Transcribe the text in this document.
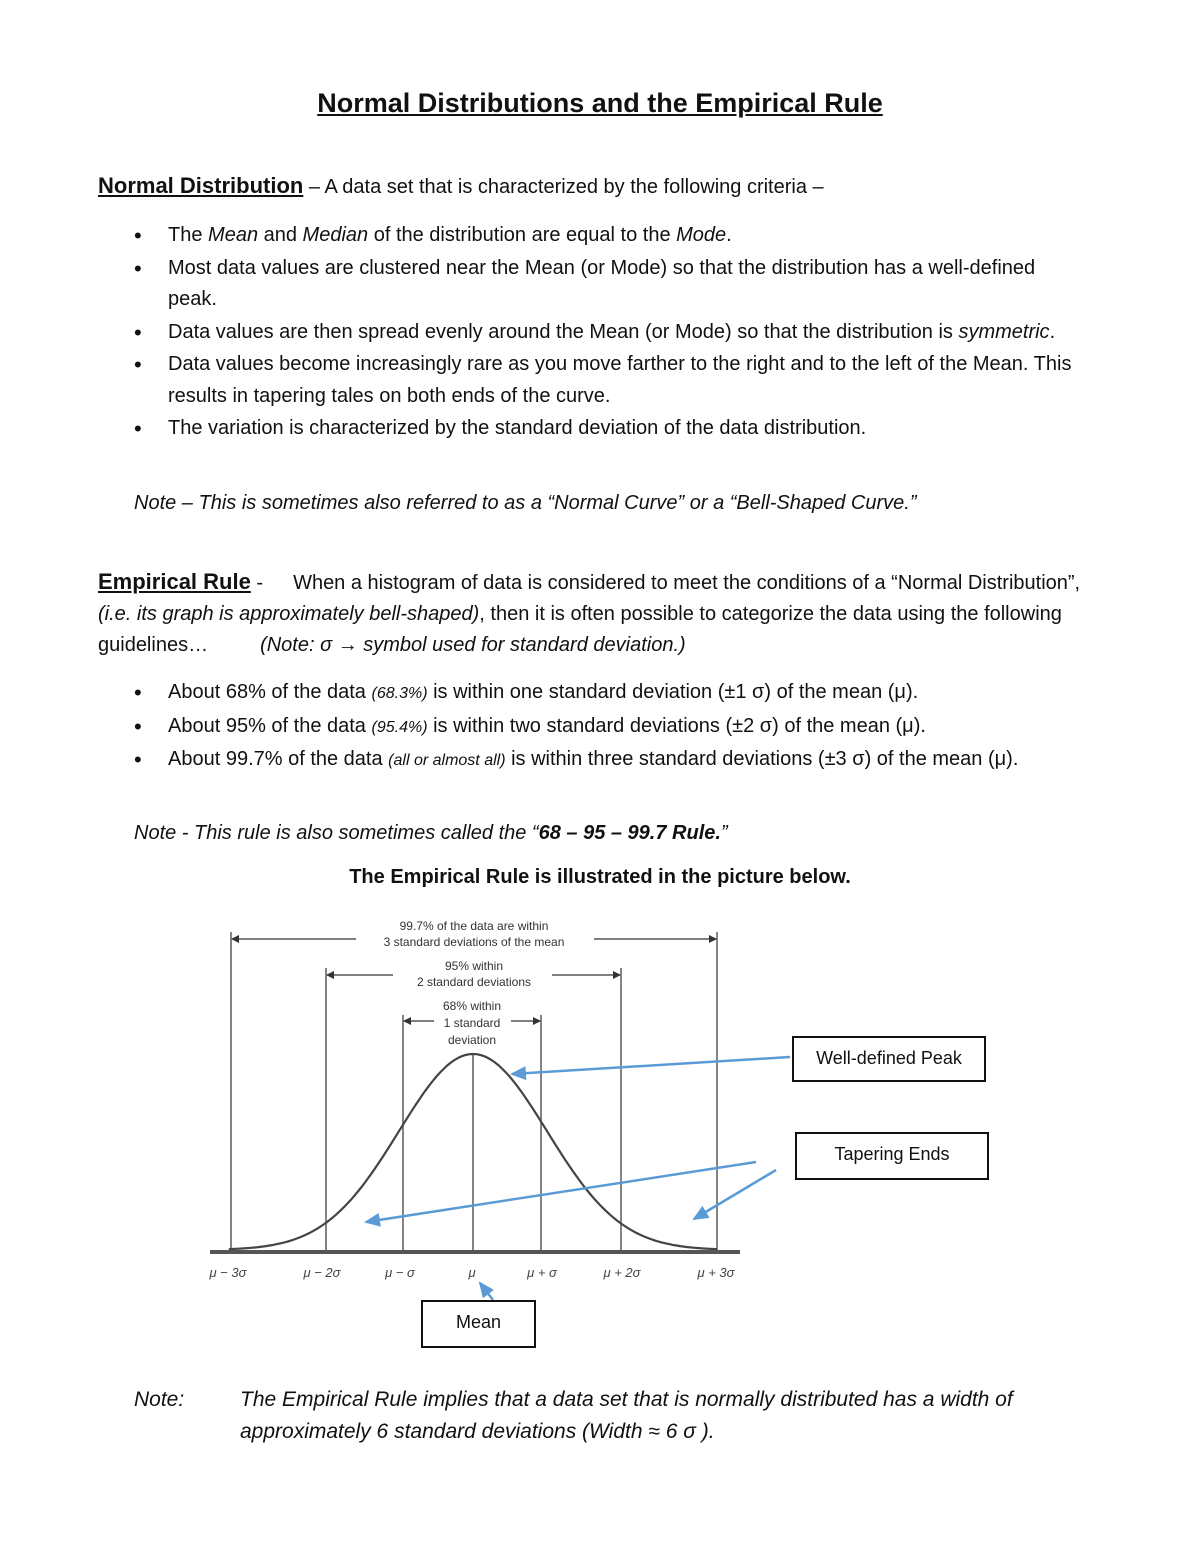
Normal Distributions and the Empirical Rule
Normal Distribution – A data set that is characterized by the following criteria –
• The Mean and Median of the distribution are equal to the Mode.
• Most data values are clustered near the Mean (or Mode) so that the distribution has a well-defined peak.
• Data values are then spread evenly around the Mean (or Mode) so that the distribution is symmetric.
• Data values become increasingly rare as you move farther to the right and to the left of the Mean. This results in tapering tales on both ends of the curve.
• The variation is characterized by the standard deviation of the data distribution.
Note – This is sometimes also referred to as a “Normal Curve” or a “Bell-Shaped Curve.”
Empirical Rule - When a histogram of data is considered to meet the conditions of a “Normal Distribution”, (i.e. its graph is approximately bell-shaped), then it is often possible to categorize the data using the following guidelines…	(Note: σ → symbol used for standard deviation.)
• About 68% of the data (68.3%) is within one standard deviation (±1 σ) of the mean (μ).
• About 95% of the data (95.4%) is within two standard deviations (±2 σ) of the mean (μ).
• About 99.7% of the data (all or almost all) is within three standard deviations (±3 σ) of the mean (μ).
Note - This rule is also sometimes called the “68 – 95 – 99.7 Rule.”
The Empirical Rule is illustrated in the picture below.
99.7% of the data are within
3 standard deviations of the mean
95% within
2 standard deviations
68% within
1 standard
deviation
μ − 3σ	μ − 2σ	μ − σ	μ	μ + σ	μ + 2σ	μ + 3σ
Well-defined Peak
Tapering Ends
Mean
Note:	The Empirical Rule implies that a data set that is normally distributed has a width of
approximately 6 standard deviations (Width ≈ 6 σ ).
